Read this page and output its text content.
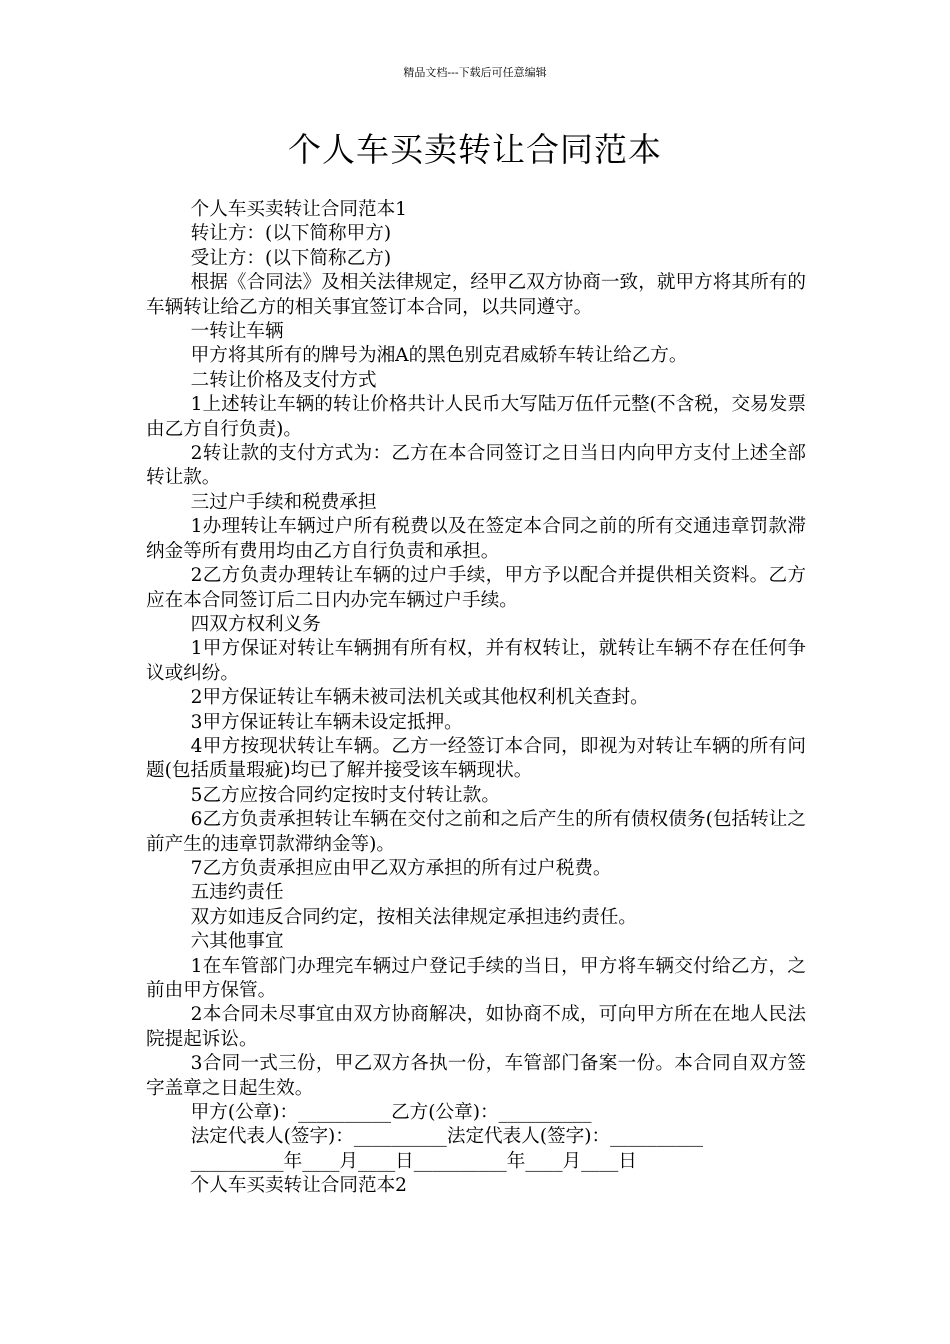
精品文档---下载后可任意编辑
个人车买卖转让合同范本

个人车买卖转让合同范本1

转让方：(以下简称甲方)

受让方：(以下简称乙方)

根据《合同法》及相关法律规定，经甲乙双方协商一致，就甲方将其所有的车辆转让给乙方的相关事宜签订本合同，以共同遵守。

一转让车辆

甲方将其所有的牌号为湘A的黑色别克君威轿车转让给乙方。

二转让价格及支付方式

1上述转让车辆的转让价格共计人民币大写陆万伍仟元整(不含税，交易发票由乙方自行负责)。

2转让款的支付方式为：乙方在本合同签订之日当日内向甲方支付上述全部转让款。

三过户手续和税费承担

1办理转让车辆过户所有税费以及在签定本合同之前的所有交通违章罚款滞纳金等所有费用均由乙方自行负责和承担。

2乙方负责办理转让车辆的过户手续，甲方予以配合并提供相关资料。乙方应在本合同签订后二日内办完车辆过户手续。

四双方权利义务

1甲方保证对转让车辆拥有所有权，并有权转让，就转让车辆不存在任何争议或纠纷。

2甲方保证转让车辆未被司法机关或其他权利机关查封。

3甲方保证转让车辆未设定抵押。

4甲方按现状转让车辆。乙方一经签订本合同，即视为对转让车辆的所有问题(包括质量瑕疵)均已了解并接受该车辆现状。

5乙方应按合同约定按时支付转让款。

6乙方负责承担转让车辆在交付之前和之后产生的所有债权债务(包括转让之前产生的违章罚款滞纳金等)。

7乙方负责承担应由甲乙双方承担的所有过户税费。

五违约责任

双方如违反合同约定，按相关法律规定承担违约责任。

六其他事宜

1在车管部门办理完车辆过户登记手续的当日，甲方将车辆交付给乙方，之前由甲方保管。

2本合同未尽事宜由双方协商解决，如协商不成，可向甲方所在在地人民法院提起诉讼。

3合同一式三份，甲乙双方各执一份，车管部门备案一份。本合同自双方签字盖章之日起生效。

甲方(公章)：__________乙方(公章)：__________

法定代表人(签字)：__________法定代表人(签字)：__________

__________年____月____日__________年____月____日

个人车买卖转让合同范本2
